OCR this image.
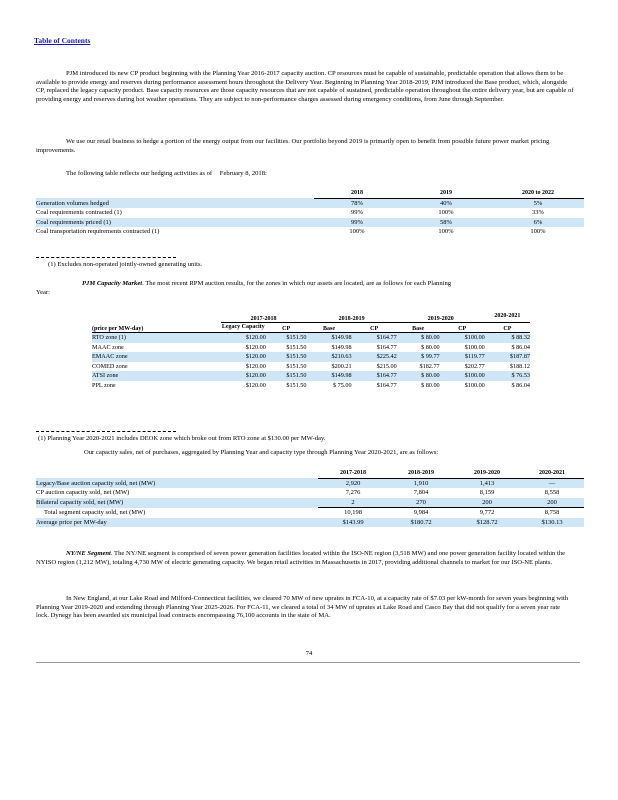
Table of Contents
PJM introduced its new CP product beginning with the Planning Year 2016-2017 capacity auction. CP resources must be capable of sustainable, predictable operation that allows them to be available to provide energy and reserves during performance assessment hours throughout the Delivery Year. Beginning in Planning Year 2018-2019, PJM introduced the Base product, which, alongside CP, replaced the legacy capacity product. Base capacity resources are those capacity resources that are not capable of sustained, predictable operation throughout the entire delivery year, but are capable of providing energy and reserves during hot weather operations. They are subject to non-performance charges assessed during emergency conditions, from June through September.
We use our retail business to hedge a portion of the energy output from our facilities. Our portfolio beyond 2019 is primarily open to benefit from possible future power market pricing improvements.
The following table reflects our hedging activities as of February 8, 2018:
	2018	2019	2020 to 2022
Generation volumes hedged	78%	40%	5%
Coal requirements contracted (1)	99%	100%	33%
Coal requirements priced (1)	99%	58%	6%
Coal transportation requirements contracted (1)	100%	100%	100%
(1) Excludes non-operated jointly-owned generating units.
PJM Capacity Market. The most recent RPM auction results, for the zones in which our assets are located, are as follows for each Planning
Year:
	2017-2018		2018-2019		2019-2020		2020-2021
(price per MW-day)	Legacy Capacity	CP	Base	CP	Base	CP	CP
RTO zone (1)	$120.00	$151.50	$149.98	$164.77	$ 80.00	$100.00	$ 88.32
MAAC zone	$120.00	$151.50	$149.98	$164.77	$ 80.00	$100.00	$ 86.04
EMAAC zone	$120.00	$151.50	$210.63	$225.42	$ 99.77	$119.77	$187.87
COMED zone	$120.00	$151.50	$200.21	$215.00	$182.77	$202.77	$188.12
ATSI zone	$120.00	$151.50	$149.98	$164.77	$ 80.00	$100.00	$ 76.53
PPL zone	$120.00	$151.50	$ 75.00	$164.77	$ 80.00	$100.00	$ 86.04
(1) Planning Year 2020-2021 includes DEOK zone which broke out from RTO zone at $130.00 per MW-day.
Our capacity sales, net of purchases, aggregated by Planning Year and capacity type through Planning Year 2020-2021, are as follows:
	2017-2018	2018-2019	2019-2020	2020-2021
Legacy/Base auction capacity sold, net (MW)	2,920	1,910	1,413	—
CP auction capacity sold, net (MW)	7,276	7,804	8,159	8,558
Bilateral capacity sold, net (MW)	2	270	200	200
Total segment capacity sold, net (MW)	10,198	9,984	9,772	8,758
Average price per MW-day	$143.99	$180.72	$128.72	$130.13
NY/NE Segment. The NY/NE segment is comprised of seven power generation facilities located within the ISO-NE region (3,518 MW) and one power generation facility located within the NYISO region (1,212 MW), totaling 4,730 MW of electric generating capacity. We began retail activities in Massachusetts in 2017, providing additional channels to market for our ISO-NE plants.
In New England, at our Lake Road and Milford-Connecticut facilities, we cleared 70 MW of new uprates in FCA-10, at a capacity rate of $7.03 per kW-month for seven years beginning with Planning Year 2019-2020 and extending through Planning Year 2025-2026. For FCA-11, we cleared a total of 34 MW of uprates at Lake Road and Casco Bay that did not qualify for a seven year rate lock. Dynegy has been awarded six municipal load contracts encompassing 76,100 accounts in the state of MA.
74
